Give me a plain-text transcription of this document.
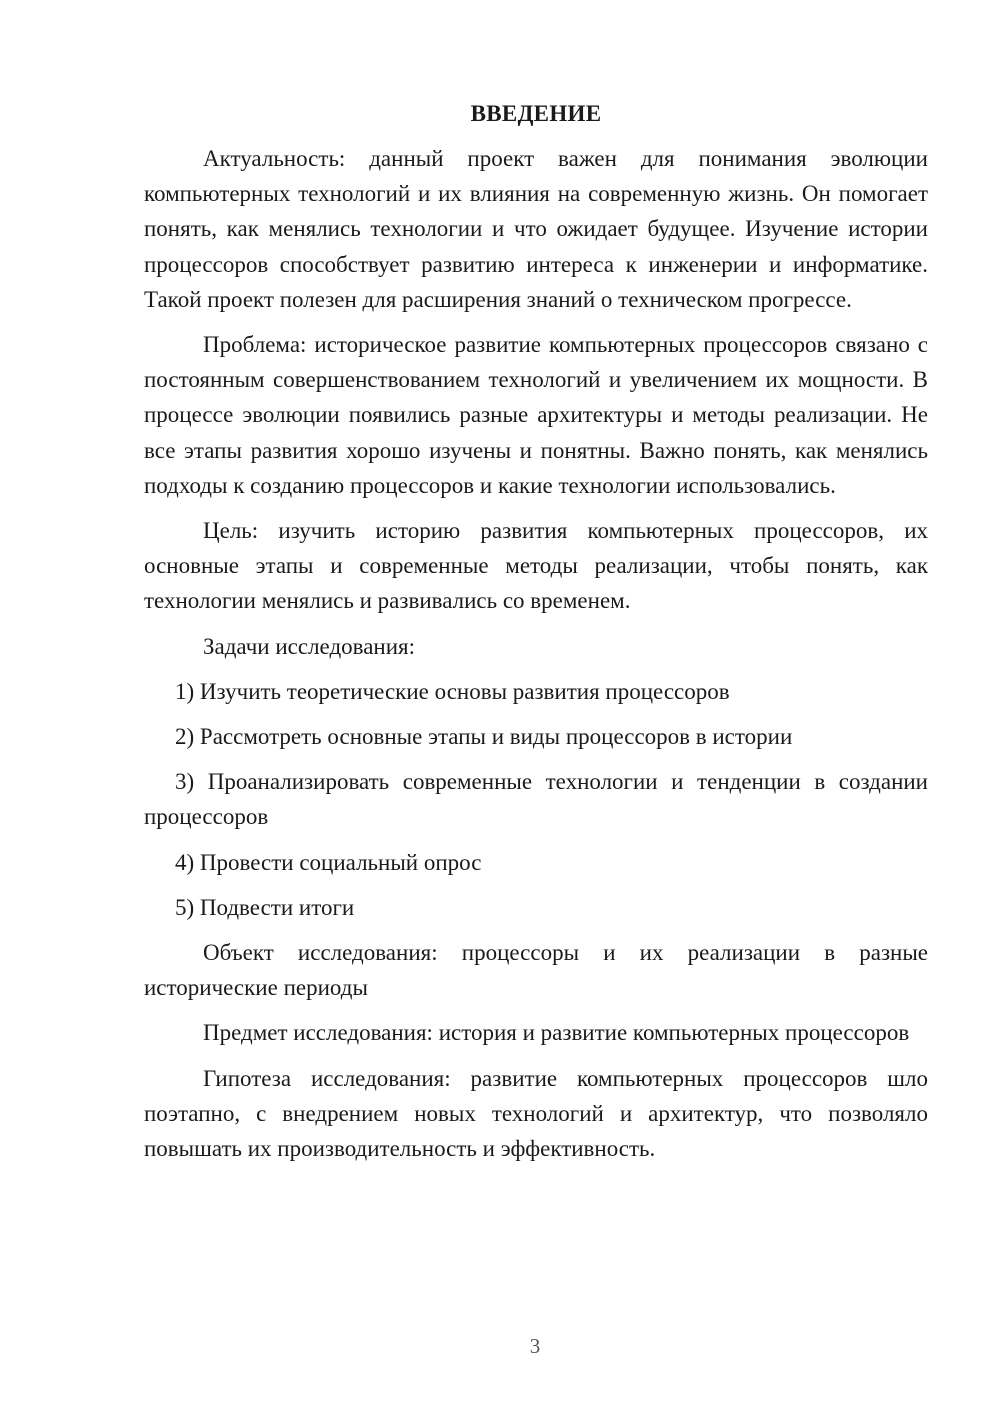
ВВЕДЕНИЕ

Актуальность: данный проект важен для понимания эволюции компьютерных технологий и их влияния на современную жизнь. Он помогает понять, как менялись технологии и что ожидает будущее. Изучение истории процессоров способствует развитию интереса к инженерии и информатике. Такой проект полезен для расширения знаний о техническом прогрессе.

Проблема: историческое развитие компьютерных процессоров связано с постоянным совершенствованием технологий и увеличением их мощности. В процессе эволюции появились разные архитектуры и методы реализации. Не все этапы развития хорошо изучены и понятны. Важно понять, как менялись подходы к созданию процессоров и какие технологии использовались.

Цель: изучить историю развития компьютерных процессоров, их основные этапы и современные методы реализации, чтобы понять, как технологии менялись и развивались со временем.

Задачи исследования:

1) Изучить теоретические основы развития процессоров

2) Рассмотреть основные этапы и виды процессоров в истории

3) Проанализировать современные технологии и тенденции в создании процессоров

4) Провести социальный опрос

5) Подвести итоги

Объект исследования: процессоры и их реализации в разные исторические периоды

Предмет исследования: история и развитие компьютерных процессоров

Гипотеза исследования: развитие компьютерных процессоров шло поэтапно, с внедрением новых технологий и архитектур, что позволяло повышать их производительность и эффективность.

3
